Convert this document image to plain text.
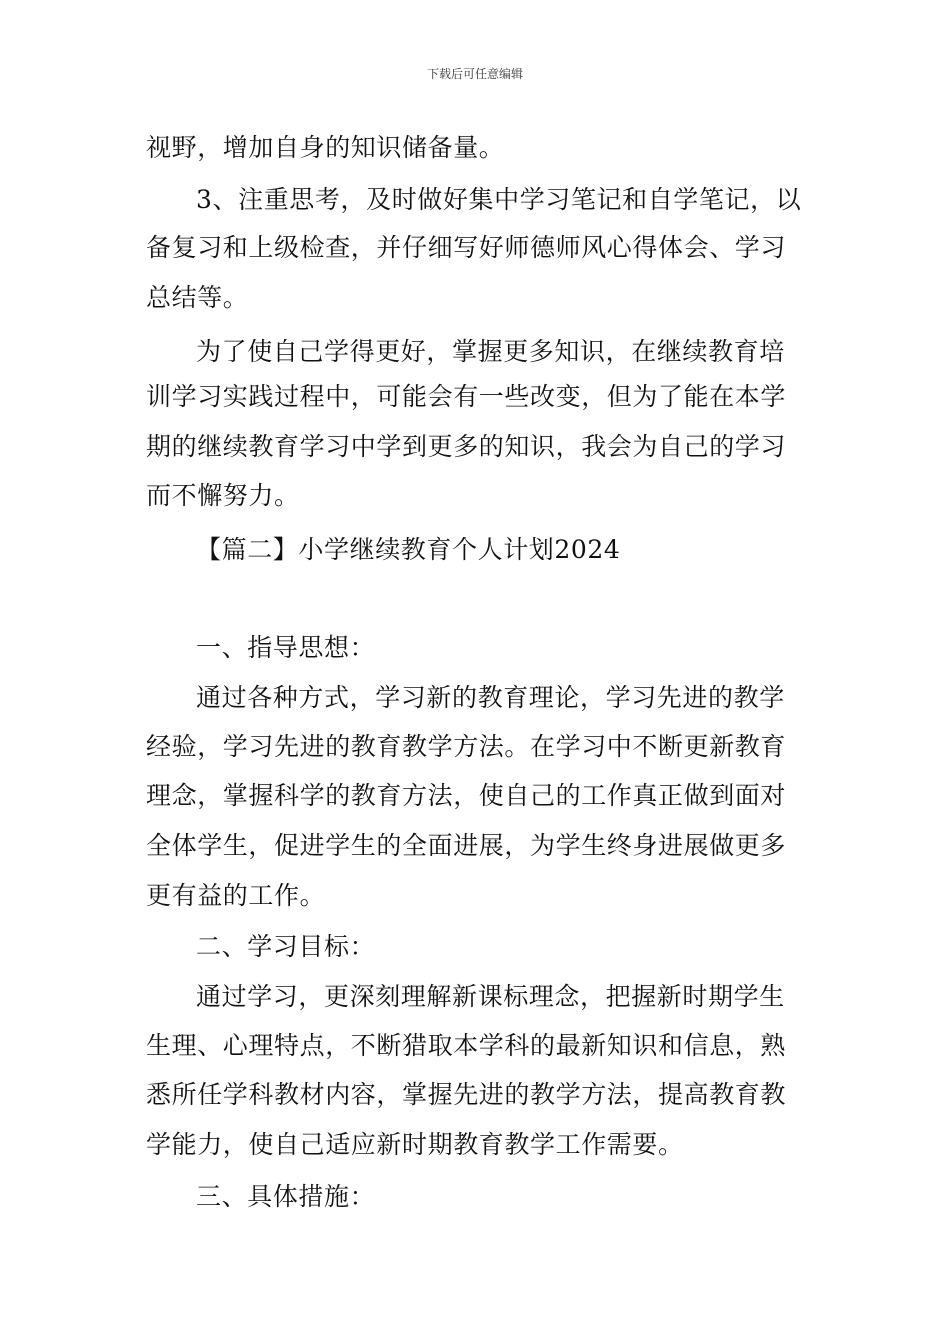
下载后可任意编辑
视野，增加自身的知识储备量。
3、注重思考，及时做好集中学习笔记和自学笔记，以
备复习和上级检查，并仔细写好师德师风心得体会、学习
总结等。
为了使自己学得更好，掌握更多知识，在继续教育培
训学习实践过程中，可能会有一些改变，但为了能在本学
期的继续教育学习中学到更多的知识，我会为自己的学习
而不懈努力。
【篇二】小学继续教育个人计划2024
一、指导思想：
通过各种方式，学习新的教育理论，学习先进的教学
经验，学习先进的教育教学方法。在学习中不断更新教育
理念，掌握科学的教育方法，使自己的工作真正做到面对
全体学生，促进学生的全面进展，为学生终身进展做更多
更有益的工作。
二、学习目标：
通过学习，更深刻理解新课标理念，把握新时期学生
生理、心理特点，不断猎取本学科的最新知识和信息，熟
悉所任学科教材内容，掌握先进的教学方法，提高教育教
学能力，使自己适应新时期教育教学工作需要。
三、具体措施：
